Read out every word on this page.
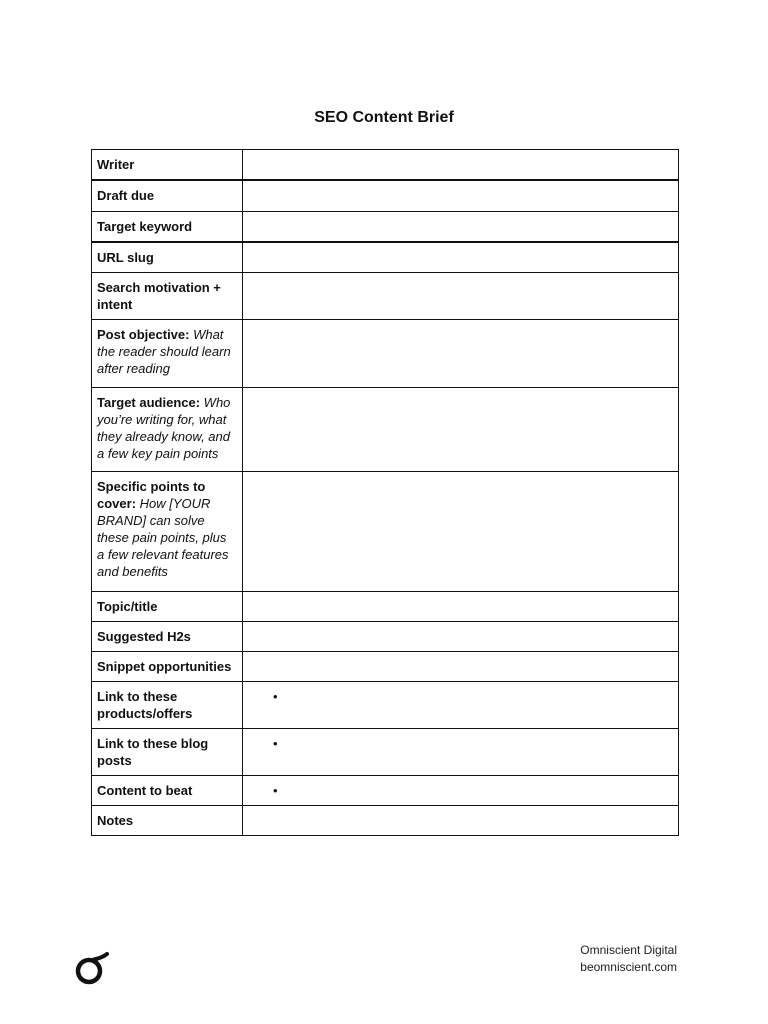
SEO Content Brief
Writer	
Draft due	
Target keyword	
URL slug	
Search motivation + intent	
Post objective: What the reader should learn after reading	
Target audience: Who you’re writing for, what they already know, and a few key pain points	
Specific points to cover: How [YOUR BRAND] can solve these pain points, plus a few relevant features and benefits	
Topic/title	
Suggested H2s	
Snippet opportunities	
Link to these products/offers	•

Link to these blog posts	•

Content to beat	•

Notes	
Omniscient Digital
beomniscient.com
